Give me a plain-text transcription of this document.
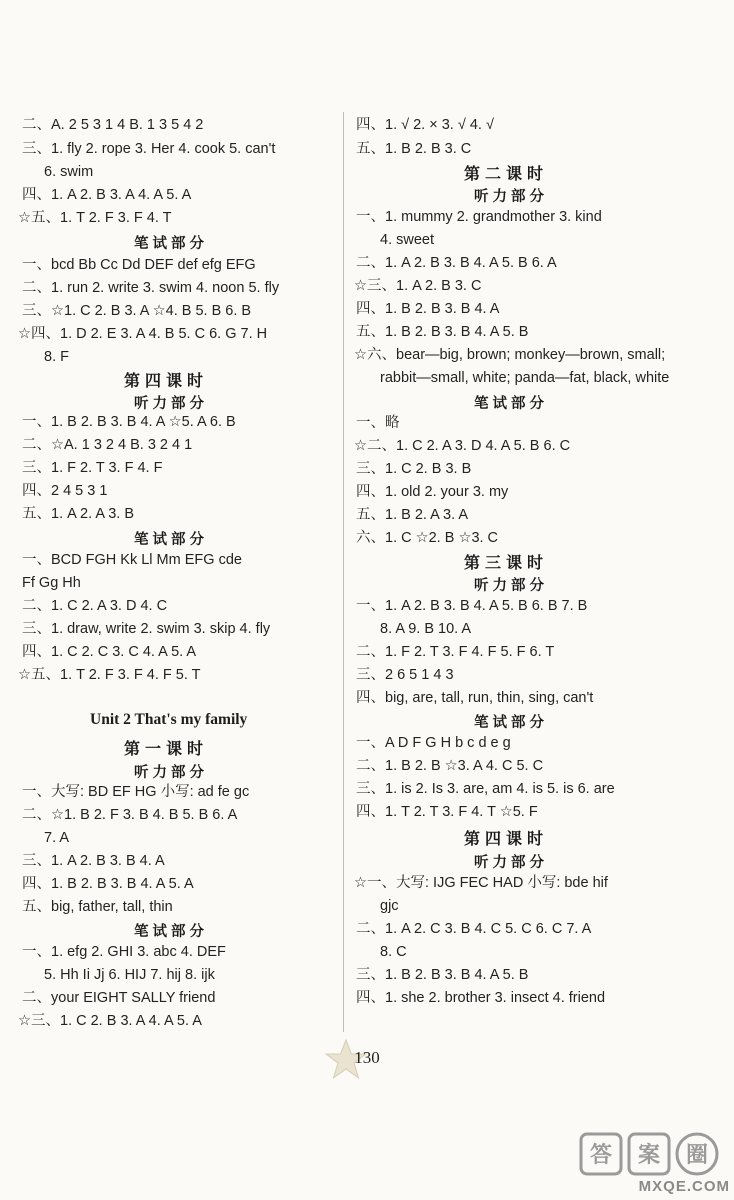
二、A. 2 5 3 1 4 B. 1 3 5 4 2
三、1. fly 2. rope 3. Her 4. cook 5. can't
6. swim
四、1. A 2. B 3. A 4. A 5. A
☆五、1. T 2. F 3. F 4. T
笔试部分
一、bcd Bb Cc Dd DEF def efg EFG
二、1. run 2. write 3. swim 4. noon 5. fly
三、☆1. C 2. B 3. A ☆4. B 5. B 6. B
☆四、1. D 2. E 3. A 4. B 5. C 6. G 7. H
8. F
第四课时
听力部分
一、1. B 2. B 3. B 4. A ☆5. A 6. B
二、☆A. 1 3 2 4 B. 3 2 4 1
三、1. F 2. T 3. F 4. F
四、2 4 5 3 1
五、1. A 2. A 3. B
笔试部分
一、BCD FGH Kk Ll Mm EFG cde
Ff Gg Hh
二、1. C 2. A 3. D 4. C
三、1. draw, write 2. swim 3. skip 4. fly
四、1. C 2. C 3. C 4. A 5. A
☆五、1. T 2. F 3. F 4. F 5. T
Unit 2 That's my family
第一课时
听力部分
一、大写: BD EF HG 小写: ad fe gc
二、☆1. B 2. F 3. B 4. B 5. B 6. A
7. A
三、1. A 2. B 3. B 4. A
四、1. B 2. B 3. B 4. A 5. A
五、big, father, tall, thin
笔试部分
一、1. efg 2. GHI 3. abc 4. DEF
5. Hh Ii Jj 6. HIJ 7. hij 8. ijk
二、your EIGHT SALLY friend
☆三、1. C 2. B 3. A 4. A 5. A
四、1. √ 2. × 3. √ 4. √
五、1. B 2. B 3. C
第二课时
听力部分
一、1. mummy 2. grandmother 3. kind
4. sweet
二、1. A 2. B 3. B 4. A 5. B 6. A
☆三、1. A 2. B 3. C
四、1. B 2. B 3. B 4. A
五、1. B 2. B 3. B 4. A 5. B
☆六、bear—big, brown; monkey—brown, small;
rabbit—small, white; panda—fat, black, white
笔试部分
一、略
☆二、1. C 2. A 3. D 4. A 5. B 6. C
三、1. C 2. B 3. B
四、1. old 2. your 3. my
五、1. B 2. A 3. A
六、1. C ☆2. B ☆3. C
第三课时
听力部分
一、1. A 2. B 3. B 4. A 5. B 6. B 7. B
8. A 9. B 10. A
二、1. F 2. T 3. F 4. F 5. F 6. T
三、2 6 5 1 4 3
四、big, are, tall, run, thin, sing, can't
笔试部分
一、A D F G H b c d e g
二、1. B 2. B ☆3. A 4. C 5. C
三、1. is 2. Is 3. are, am 4. is 5. is 6. are
四、1. T 2. T 3. F 4. T ☆5. F
第四课时
听力部分
☆一、大写: IJG FEC HAD 小写: bde hif
gjc
二、1. A 2. C 3. B 4. C 5. C 6. C 7. A
8. C
三、1. B 2. B 3. B 4. A 5. B
四、1. she 2. brother 3. insect 4. friend
130
答 案 圈
MXQE.COM
